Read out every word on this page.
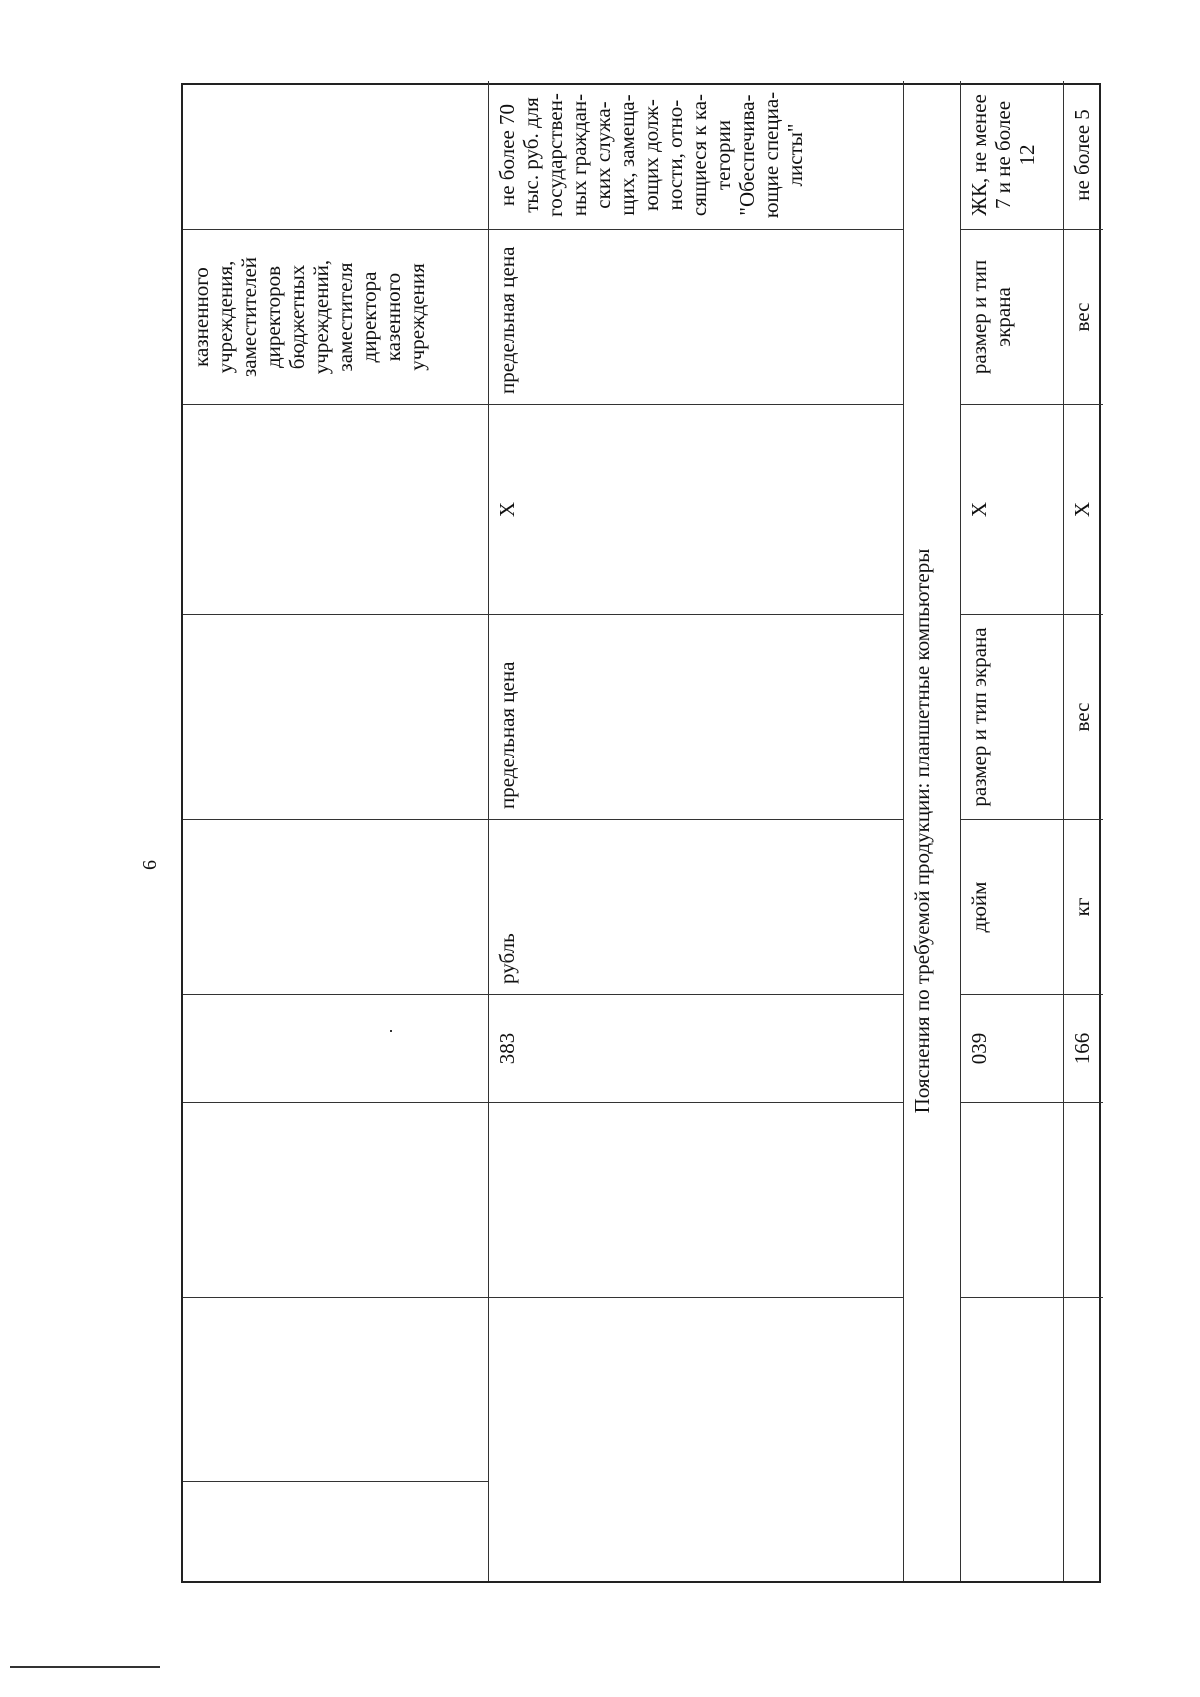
6
казненного учреждения, заместителей директоров бюджетных учреждений, заместителя директора казенного учреждения
383
рубль
предельная цена
X
предельная цена
не более 70 тыс. руб. для государствен- ных граждан- ских служа- щих, замеща- ющих долж- ности, отно- сящиеся к ка- тегории "Обеспечива- ющие специа- листы"
Пояснения по требуемой продукции: планшетные компьютеры	039
дюйм
размер и тип экрана
X
размер и тип экрана
ЖК, не менее 7 и не более 12
166
кг
вес
X
вес
не более 5
